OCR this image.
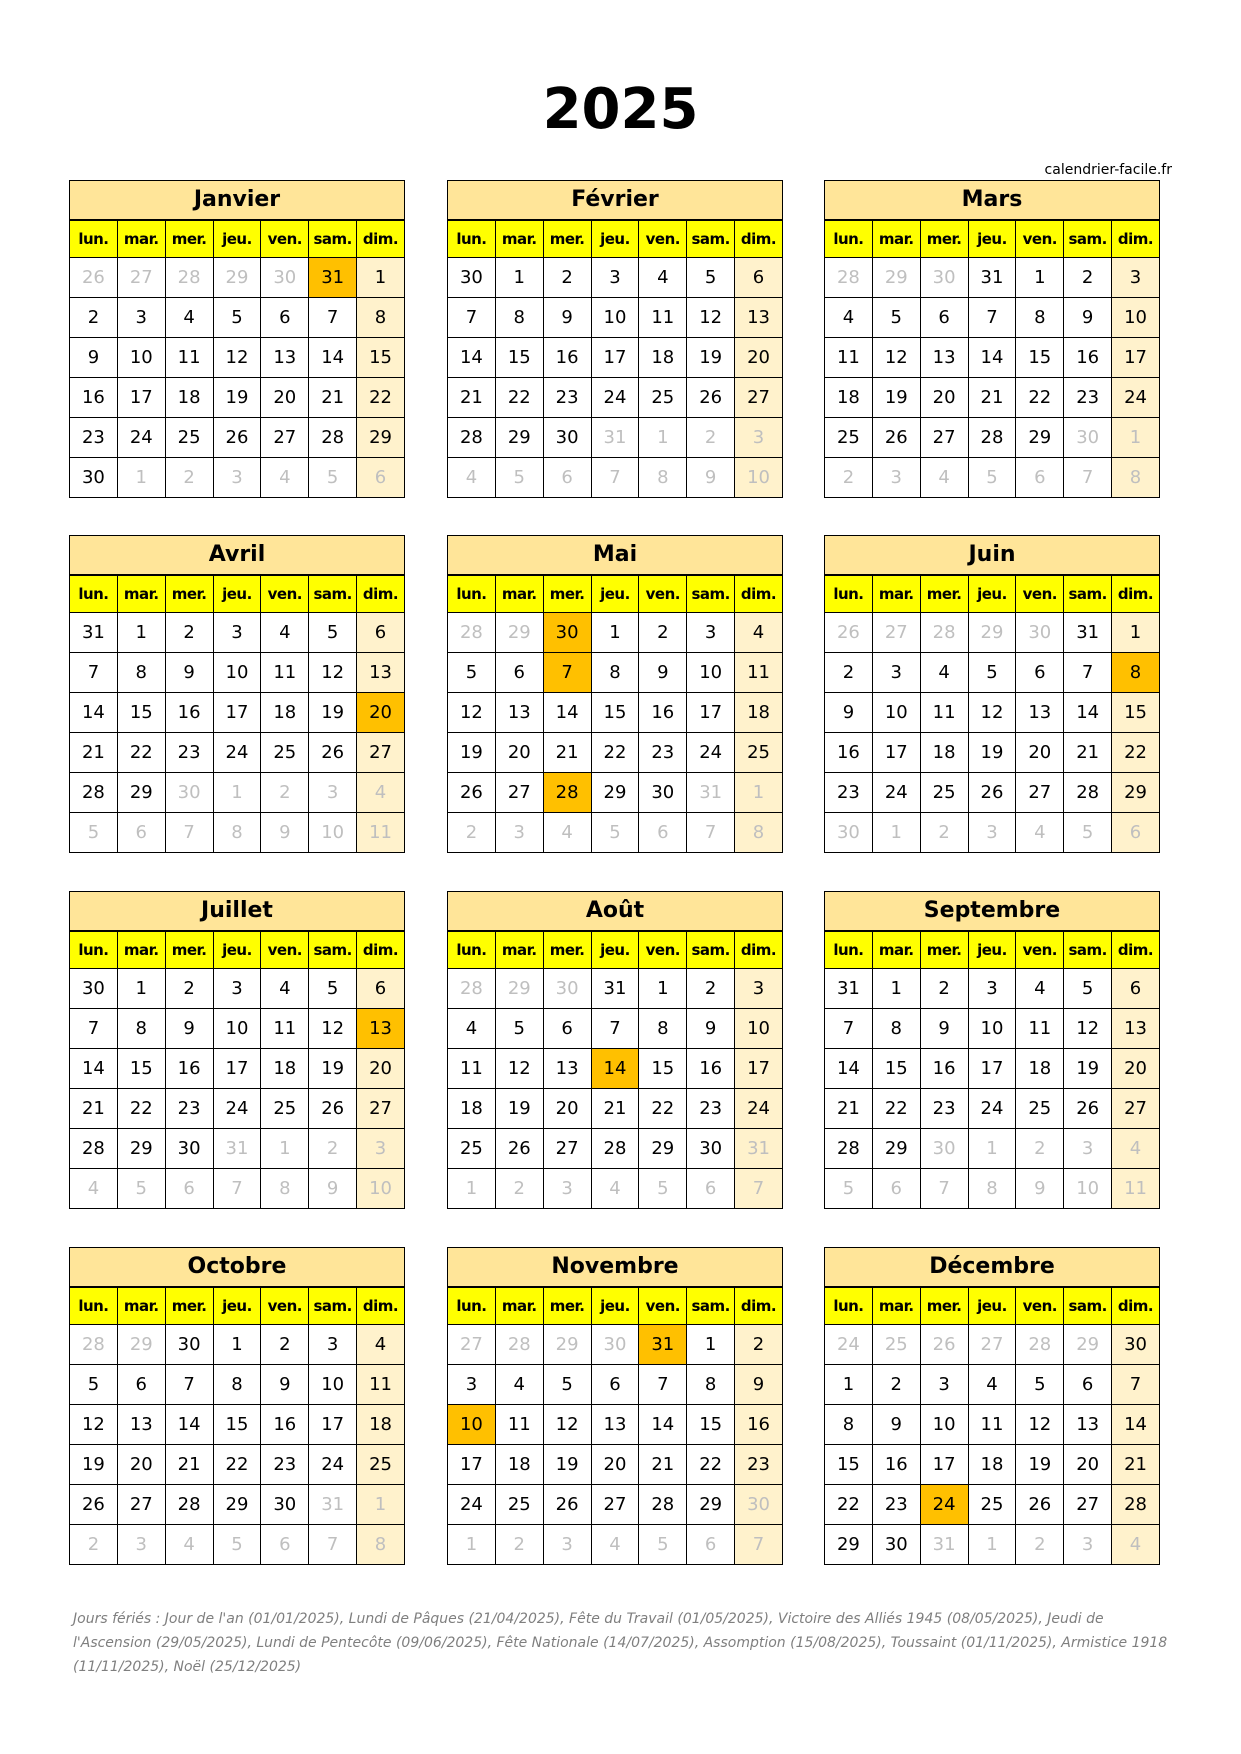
2025
calendrier-facile.fr
Janvier
lun.	mar.	mer.	jeu.	ven.	sam.	dim.
26	27	28	29	30	31	1
2	3	4	5	6	7	8
9	10	11	12	13	14	15
16	17	18	19	20	21	22
23	24	25	26	27	28	29
30	1	2	3	4	5	6
Février
lun.	mar.	mer.	jeu.	ven.	sam.	dim.
30	1	2	3	4	5	6
7	8	9	10	11	12	13
14	15	16	17	18	19	20
21	22	23	24	25	26	27
28	29	30	31	1	2	3
4	5	6	7	8	9	10
Mars
lun.	mar.	mer.	jeu.	ven.	sam.	dim.
28	29	30	31	1	2	3
4	5	6	7	8	9	10
11	12	13	14	15	16	17
18	19	20	21	22	23	24
25	26	27	28	29	30	1
2	3	4	5	6	7	8
Avril
lun.	mar.	mer.	jeu.	ven.	sam.	dim.
31	1	2	3	4	5	6
7	8	9	10	11	12	13
14	15	16	17	18	19	20
21	22	23	24	25	26	27
28	29	30	1	2	3	4
5	6	7	8	9	10	11
Mai
lun.	mar.	mer.	jeu.	ven.	sam.	dim.
28	29	30	1	2	3	4
5	6	7	8	9	10	11
12	13	14	15	16	17	18
19	20	21	22	23	24	25
26	27	28	29	30	31	1
2	3	4	5	6	7	8
Juin
lun.	mar.	mer.	jeu.	ven.	sam.	dim.
26	27	28	29	30	31	1
2	3	4	5	6	7	8
9	10	11	12	13	14	15
16	17	18	19	20	21	22
23	24	25	26	27	28	29
30	1	2	3	4	5	6
Juillet
lun.	mar.	mer.	jeu.	ven.	sam.	dim.
30	1	2	3	4	5	6
7	8	9	10	11	12	13
14	15	16	17	18	19	20
21	22	23	24	25	26	27
28	29	30	31	1	2	3
4	5	6	7	8	9	10
Août
lun.	mar.	mer.	jeu.	ven.	sam.	dim.
28	29	30	31	1	2	3
4	5	6	7	8	9	10
11	12	13	14	15	16	17
18	19	20	21	22	23	24
25	26	27	28	29	30	31
1	2	3	4	5	6	7
Septembre
lun.	mar.	mer.	jeu.	ven.	sam.	dim.
31	1	2	3	4	5	6
7	8	9	10	11	12	13
14	15	16	17	18	19	20
21	22	23	24	25	26	27
28	29	30	1	2	3	4
5	6	7	8	9	10	11
Octobre
lun.	mar.	mer.	jeu.	ven.	sam.	dim.
28	29	30	1	2	3	4
5	6	7	8	9	10	11
12	13	14	15	16	17	18
19	20	21	22	23	24	25
26	27	28	29	30	31	1
2	3	4	5	6	7	8
Novembre
lun.	mar.	mer.	jeu.	ven.	sam.	dim.
27	28	29	30	31	1	2
3	4	5	6	7	8	9
10	11	12	13	14	15	16
17	18	19	20	21	22	23
24	25	26	27	28	29	30
1	2	3	4	5	6	7
Décembre
lun.	mar.	mer.	jeu.	ven.	sam.	dim.
24	25	26	27	28	29	30
1	2	3	4	5	6	7
8	9	10	11	12	13	14
15	16	17	18	19	20	21
22	23	24	25	26	27	28
29	30	31	1	2	3	4
Jours fériés : Jour de l'an (01/01/2025), Lundi de Pâques (21/04/2025), Fête du Travail (01/05/2025), Victoire des Alliés 1945 (08/05/2025), Jeudi de l'Ascension (29/05/2025), Lundi de Pentecôte (09/06/2025), Fête Nationale (14/07/2025), Assomption (15/08/2025), Toussaint (01/11/2025), Armistice 1918 (11/11/2025), Noël (25/12/2025)
